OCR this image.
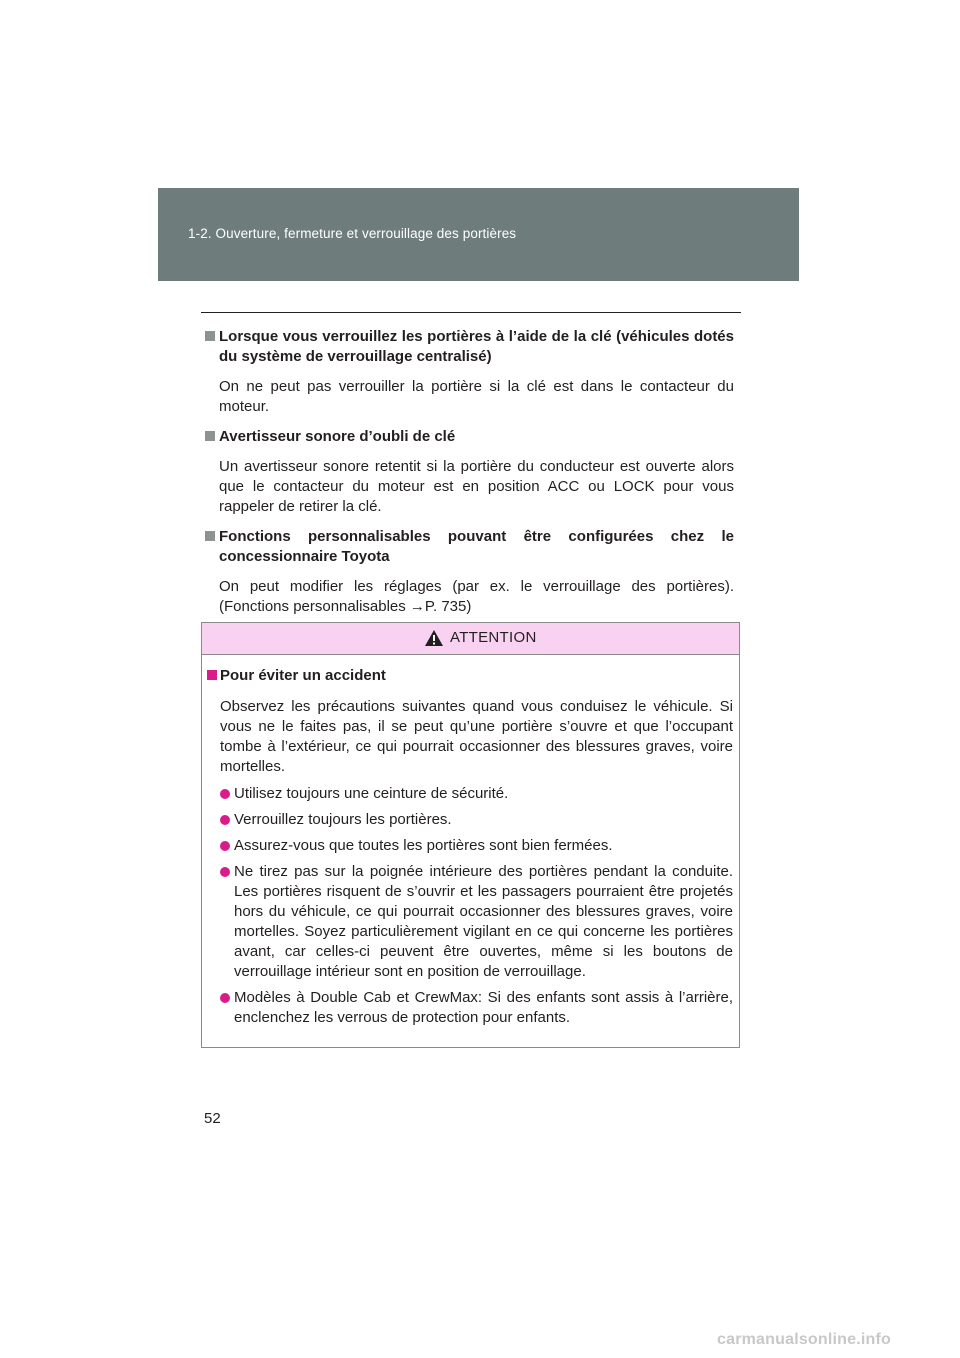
1-2. Ouverture, fermeture et verrouillage des portières
Lorsque vous verrouillez les portières à l’aide de la clé (véhicules dotés du système de verrouillage centralisé)
On ne peut pas verrouiller la portière si la clé est dans le contacteur du moteur.
Avertisseur sonore d’oubli de clé
Un avertisseur sonore retentit si la portière du conducteur est ouverte alors que le contacteur du moteur est en position ACC ou LOCK pour vous rappeler de retirer la clé.
Fonctions personnalisables pouvant être configurées chez le concessionnaire Toyota
On peut modifier les réglages (par ex. le verrouillage des portières). (Fonctions personnalisables →P. 735)
ATTENTION
Pour éviter un accident
Observez les précautions suivantes quand vous conduisez le véhicule. Si vous ne le faites pas, il se peut qu’une portière s’ouvre et que l’occupant tombe à l’extérieur, ce qui pourrait occasionner des blessures graves, voire mortelles.
Utilisez toujours une ceinture de sécurité.
Verrouillez toujours les portières.
Assurez-vous que toutes les portières sont bien fermées.
Ne tirez pas sur la poignée intérieure des portières pendant la conduite. Les portières risquent de s’ouvrir et les passagers pourraient être projetés hors du véhicule, ce qui pourrait occasionner des blessures graves, voire mortelles. Soyez particulièrement vigilant en ce qui concerne les portières avant, car celles-ci peuvent être ouvertes, même si les boutons de verrouillage intérieur sont en position de verrouillage.
Modèles à Double Cab et CrewMax: Si des enfants sont assis à l’arrière, enclenchez les verrous de protection pour enfants.
52
carmanualsonline.info
